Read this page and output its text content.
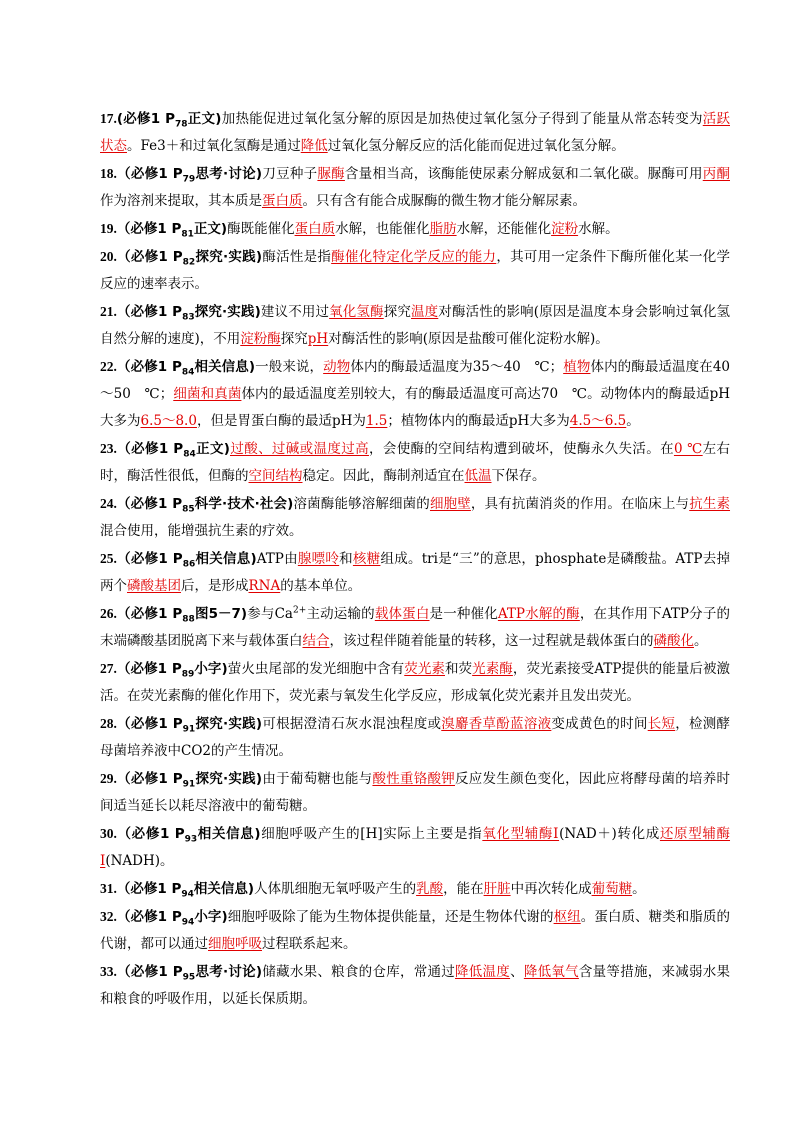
17.(必修1 $P_{78}$正文)加热能促进过氧化氢分解的原因是加热使过氧化氢分子得到了能量从常态转变为活跃状态。Fe3＋和过氧化氢酶是通过降低过氧化氢分解反应的活化能而促进过氧化氢分解。

18.（必修1 $P_{79}$思考·讨论)刀豆种子脲酶含量相当高，该酶能使尿素分解成氨和二氧化碳。脲酶可用丙酮作为溶剂来提取，其本质是蛋白质。只有含有能合成脲酶的微生物才能分解尿素。

19.（必修1 $P_{81}$正文)酶既能催化蛋白质水解，也能催化脂肪水解，还能催化淀粉水解。

20.（必修1 $P_{82}$探究·实践)酶活性是指酶催化特定化学反应的能力，其可用一定条件下酶所催化某一化学反应的速率表示。

21.（必修1 $P_{83}$探究·实践)建议不用过氧化氢酶探究温度对酶活性的影响(原因是温度本身会影响过氧化氢自然分解的速度)，不用淀粉酶探究pH对酶活性的影响(原因是盐酸可催化淀粉水解)。

22.（必修1 $P_{84}$相关信息)一般来说，动物体内的酶最适温度为35～40　℃；植物体内的酶最适温度在40～50　℃；细菌和真菌体内的最适温度差别较大，有的酶最适温度可高达70　℃。动物体内的酶最适pH大多为6.5～8.0，但是胃蛋白酶的最适pH为1.5；植物体内的酶最适pH大多为4.5～6.5。

23.（必修1 $P_{84}$正文)过酸、过碱或温度过高，会使酶的空间结构遭到破坏，使酶永久失活。在0 ℃左右时，酶活性很低，但酶的空间结构稳定。因此，酶制剂适宜在低温下保存。

24.（必修1 $P_{85}$科学·技术·社会)溶菌酶能够溶解细菌的细胞壁，具有抗菌消炎的作用。在临床上与抗生素混合使用，能增强抗生素的疗效。

25.（必修1 $P_{86}$相关信息)ATP由腺嘌呤和核糖组成。tri是“三”的意思，phosphate是磷酸盐。ATP去掉两个磷酸基团后，是形成RNA的基本单位。

26.（必修1 $P_{88}$图5－7)参与$Ca^{2+}$主动运输的载体蛋白是一种催化ATP水解的酶，在其作用下ATP分子的末端磷酸基团脱离下来与载体蛋白结合，该过程伴随着能量的转移，这一过程就是载体蛋白的磷酸化。

27.（必修1 $P_{89}$小字)萤火虫尾部的发光细胞中含有荧光素和荧光素酶，荧光素接受ATP提供的能量后被激活。在荧光素酶的催化作用下，荧光素与氧发生化学反应，形成氧化荧光素并且发出荧光。

28.（必修1 $P_{91}$探究·实践)可根据澄清石灰水混浊程度或溴麝香草酚蓝溶液变成黄色的时间长短，检测酵母菌培养液中CO2的产生情况。

29.（必修1 $P_{91}$探究·实践)由于葡萄糖也能与酸性重铬酸钾反应发生颜色变化，因此应将酵母菌的培养时间适当延长以耗尽溶液中的葡萄糖。

30.（必修1 $P_{93}$相关信息)细胞呼吸产生的[H]实际上主要是指氧化型辅酶Ⅰ(NAD＋)转化成还原型辅酶Ⅰ(NADH)。

31.（必修1 $P_{94}$相关信息)人体肌细胞无氧呼吸产生的乳酸，能在肝脏中再次转化成葡萄糖。

32.（必修1 $P_{94}$小字)细胞呼吸除了能为生物体提供能量，还是生物体代谢的枢纽。蛋白质、糖类和脂质的代谢，都可以通过细胞呼吸过程联系起来。

33.（必修1 $P_{95}$思考·讨论)储藏水果、粮食的仓库，常通过降低温度、降低氧气含量等措施，来减弱水果和粮食的呼吸作用，以延长保质期。
